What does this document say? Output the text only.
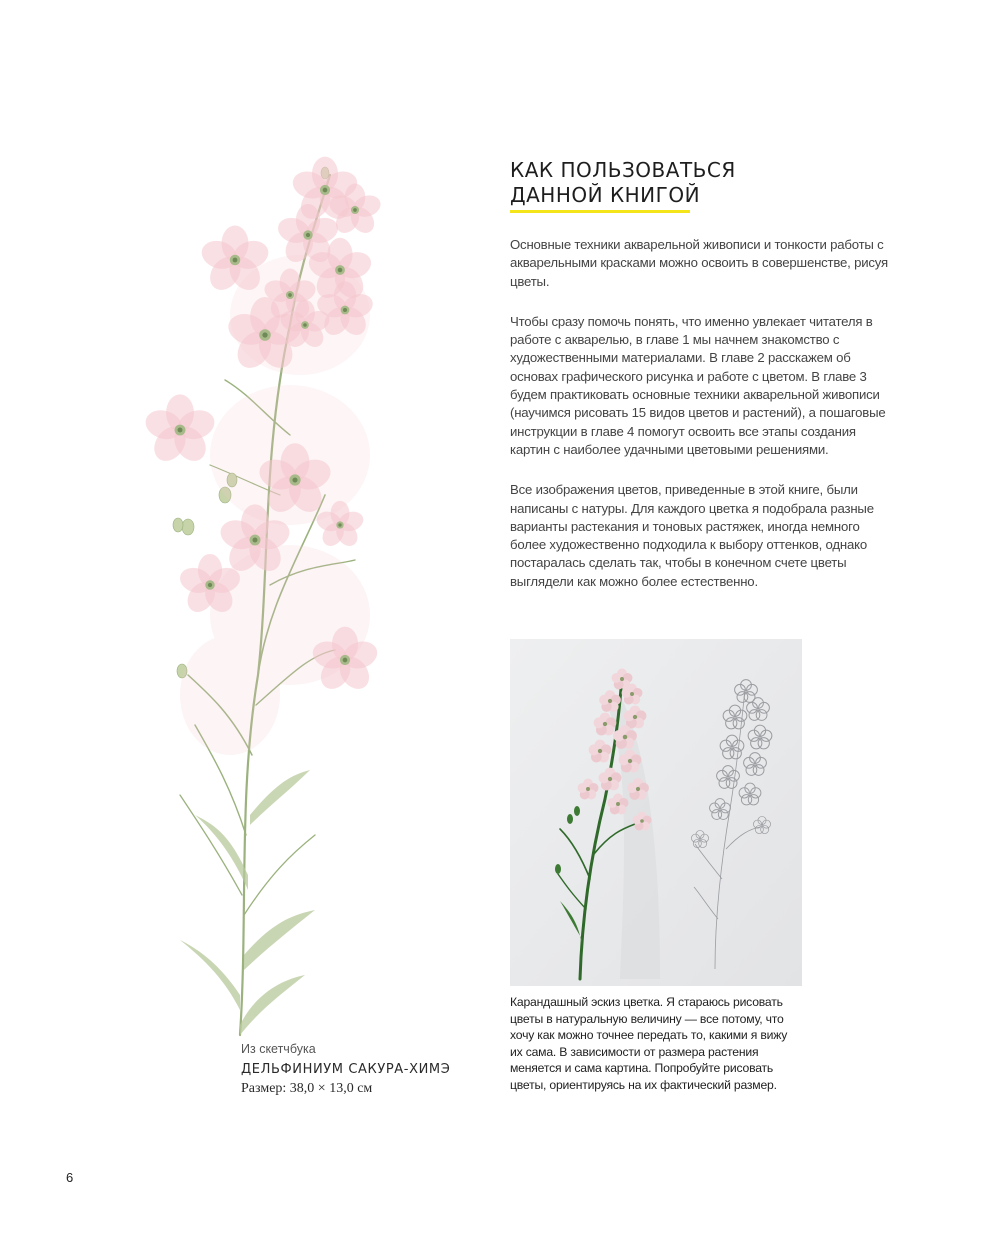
КАК ПОЛЬЗОВАТЬСЯ
ДАННОЙ КНИГОЙ

Основные техники акварельной живописи и тонкости работы с акварельными красками можно освоить в совершенстве, рисуя цветы.

Чтобы сразу помочь понять, что именно увлекает читателя в работе с акварелью, в главе 1 мы начнем знакомство с художественными материалами. В главе 2 расскажем об основах графического рисунка и работе с цветом. В главе 3 будем практиковать основные техники акварельной живописи (научимся рисовать 15 видов цветов и растений), а пошаговые инструкции в главе 4 помогут освоить все этапы создания картин с наиболее удачными цветовыми решениями.

Все изображения цветов, приведенные в этой книге, были написаны с натуры. Для каждого цветка я подобрала разные варианты растекания и тоновых растяжек, иногда немного более художественно подходила к выбору оттенков, однако постаралась сделать так, чтобы в конечном счете цветы выглядели как можно более естественно.

Карандашный эскиз цветка. Я стараюсь рисовать цветы в натуральную величину — все потому, что хочу как можно точнее передать то, какими я вижу их сама. В зависимости от размера растения меняется и сама картина. Попробуйте рисовать цветы, ориентируясь на их фактический размер.

Из скетчбука
ДЕЛЬФИНИУМ САКУРА-ХИМЭ
Размер: 38,0 × 13,0 см
6
